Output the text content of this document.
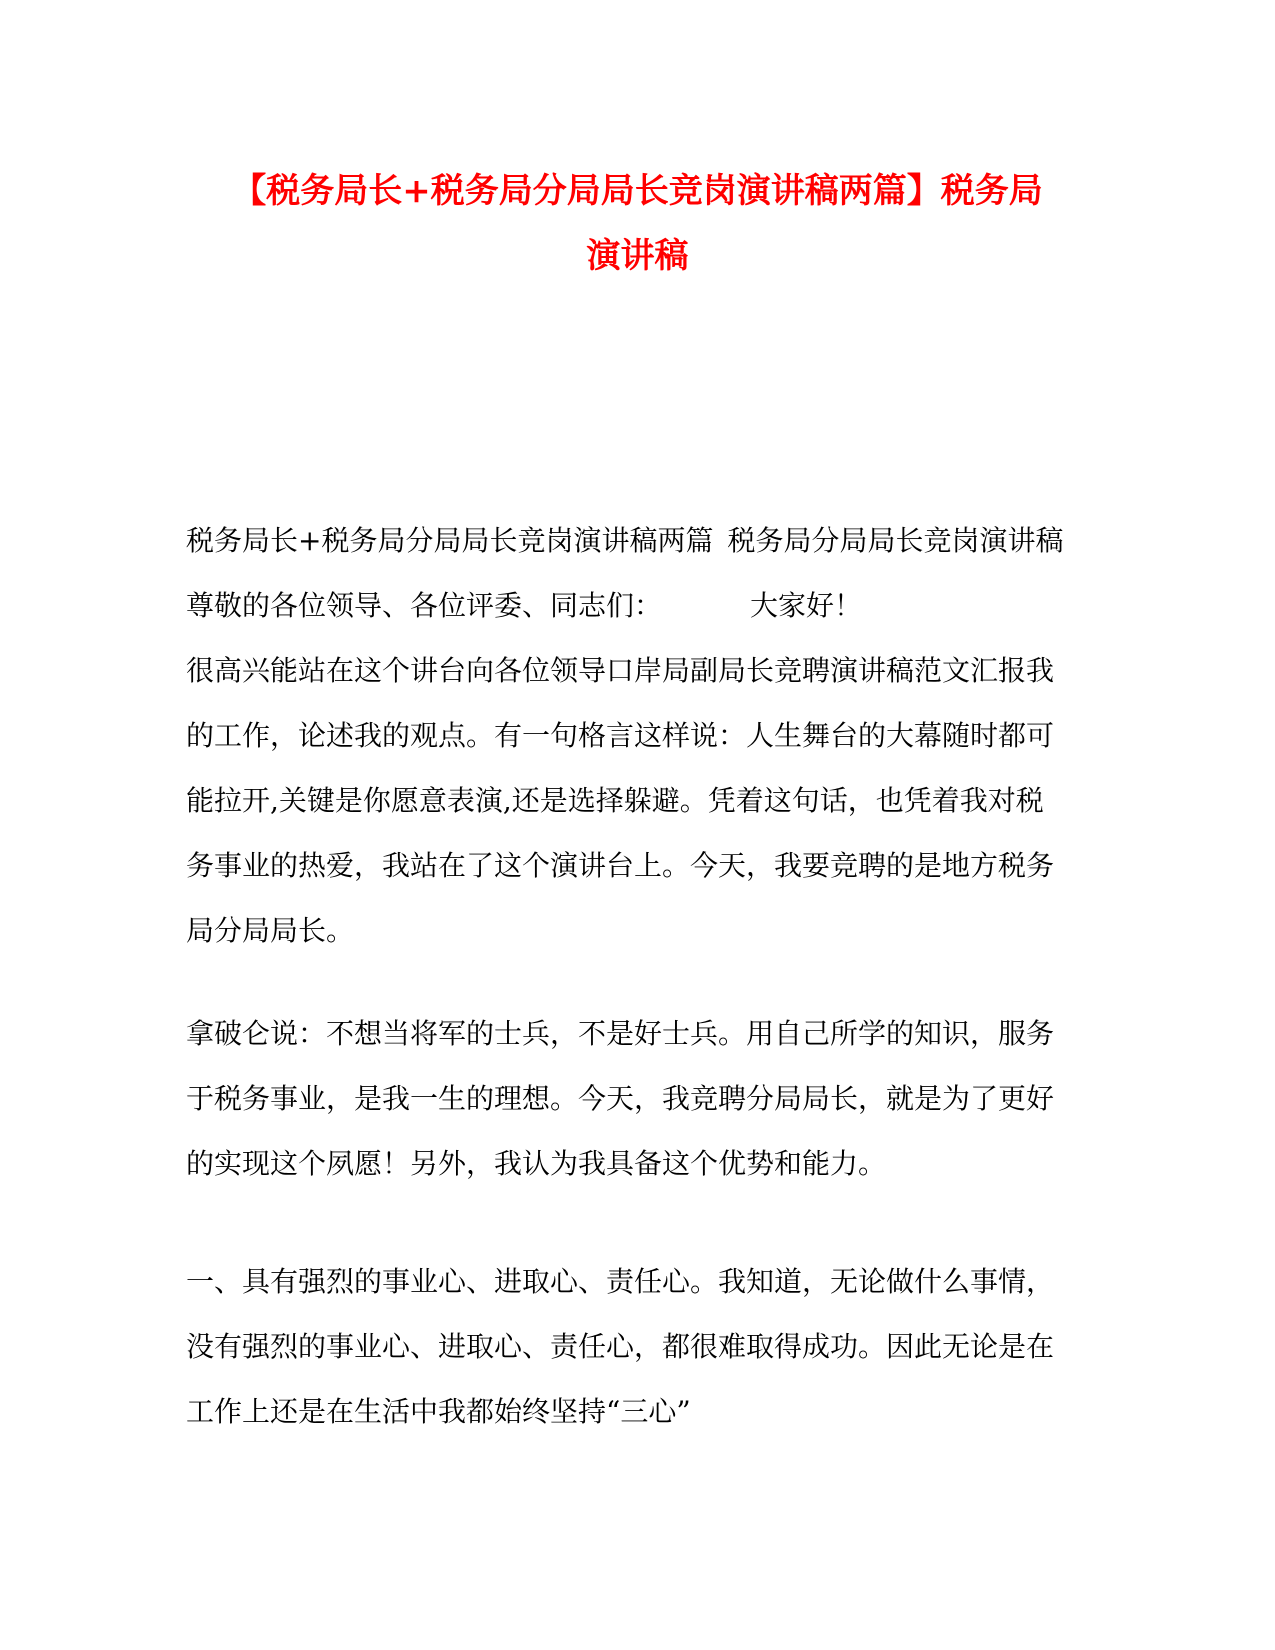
【税务局长+税务局分局局长竞岗演讲稿两篇】税务局
演讲稿
税务局长+税务局分局局长竞岗演讲稿两篇 税务局分局局长竞岗演讲稿
尊敬的各位领导、各位评委、同志们：	大家好！
很高兴能站在这个讲台向各位领导口岸局副局长竞聘演讲稿范文汇报我
的工作，论述我的观点。有一句格言这样说：人生舞台的大幕随时都可
能拉开,关键是你愿意表演,还是选择躲避。凭着这句话，也凭着我对税
务事业的热爱，我站在了这个演讲台上。今天，我要竞聘的是地方税务
局分局局长。
拿破仑说：不想当将军的士兵，不是好士兵。用自己所学的知识，服务
于税务事业，是我一生的理想。今天，我竞聘分局局长，就是为了更好
的实现这个夙愿！另外，我认为我具备这个优势和能力。
一、具有强烈的事业心、进取心、责任心。我知道，无论做什么事情，
没有强烈的事业心、进取心、责任心，都很难取得成功。因此无论是在
工作上还是在生活中我都始终坚持“三心”
